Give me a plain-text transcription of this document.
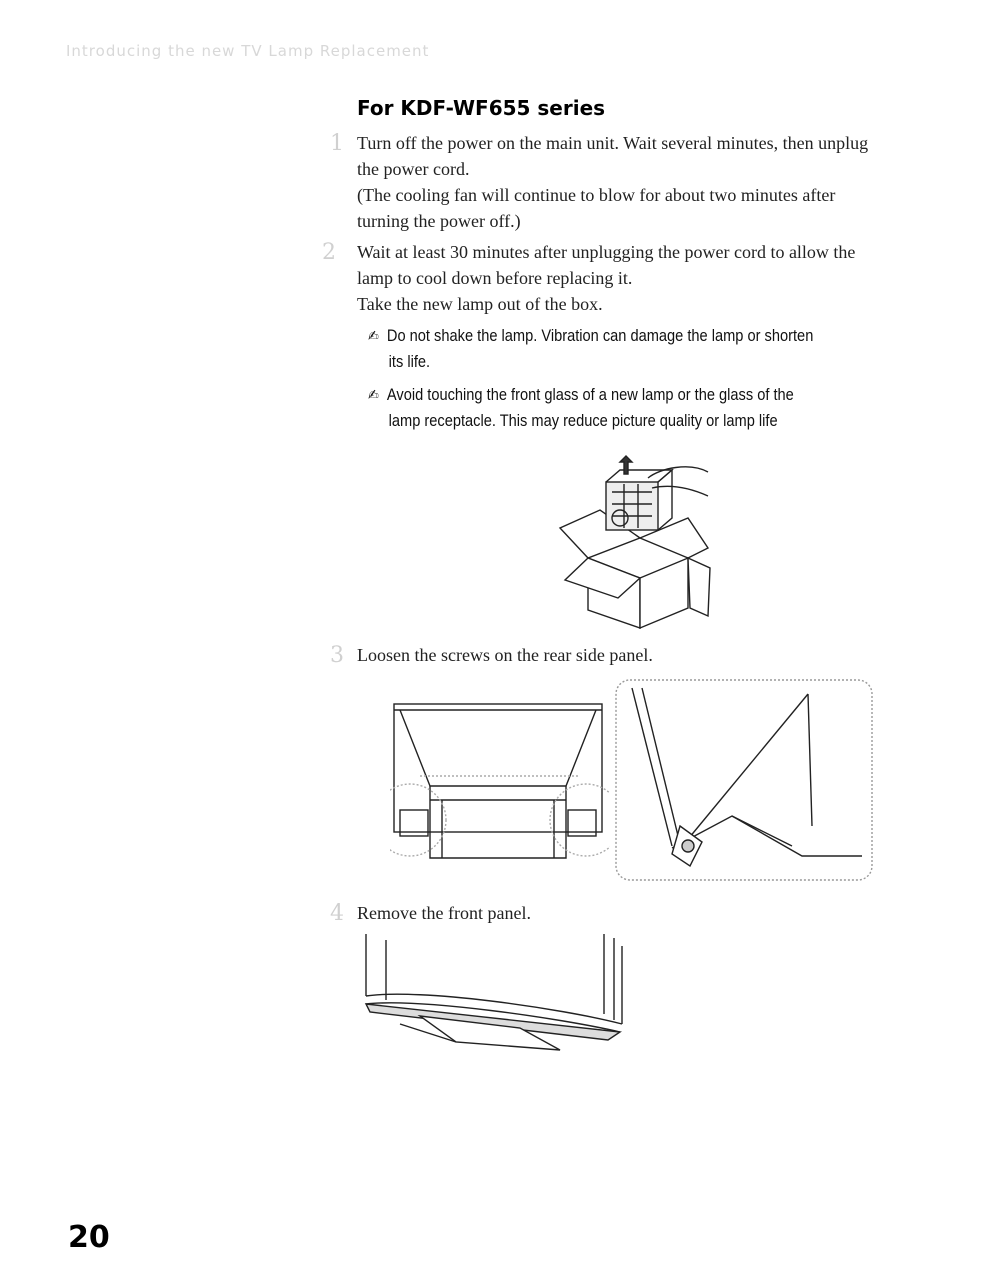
Introducing the new TV Lamp Replacement
For KDF-WF655 series
1 Turn off the power on the main unit. Wait several minutes, then unplug

the power cord.

(The cooling fan will continue to blow for about two minutes after

turning the power off.)

2 Wait at least 30 minutes after unplugging the power cord to allow the

lamp to cool down before replacing it.

Take the new lamp out of the box.

✍ Do not shake the lamp. Vibration can damage the lamp or shorten
its life.
✍ Avoid touching the front glass of a new lamp or the glass of the
lamp receptacle. This may reduce picture quality or lamp life
3 Loosen the screws on the rear side panel.

4 Remove the front panel.

20
